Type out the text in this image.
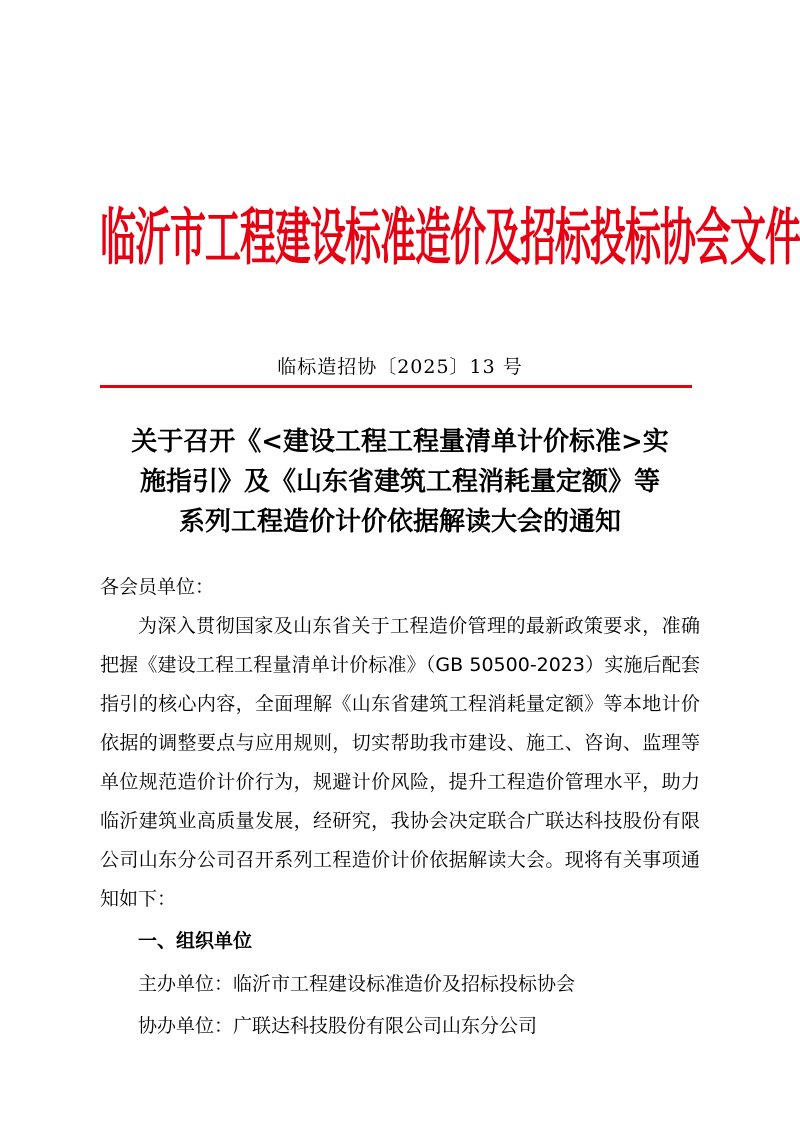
临沂市工程建设标准造价及招标投标协会文件
临标造招协〔2025〕13 号
关于召开《<建设工程工程量清单计价标准>实
施指引》及《山东省建筑工程消耗量定额》等
系列工程造价计价依据解读大会的通知

各会员单位：

为深入贯彻国家及山东省关于工程造价管理的最新政策要求，准确把握《建设工程工程量清单计价标准》（GB 50500-2023）实施后配套指引的核心内容，全面理解《山东省建筑工程消耗量定额》等本地计价依据的调整要点与应用规则，切实帮助我市建设、施工、咨询、监理等单位规范造价计价行为，规避计价风险，提升工程造价管理水平，助力临沂建筑业高质量发展，经研究，我协会决定联合广联达科技股份有限公司山东分公司召开系列工程造价计价依据解读大会。现将有关事项通知如下：

一、组织单位

主办单位：临沂市工程建设标准造价及招标投标协会

协办单位：广联达科技股份有限公司山东分公司
